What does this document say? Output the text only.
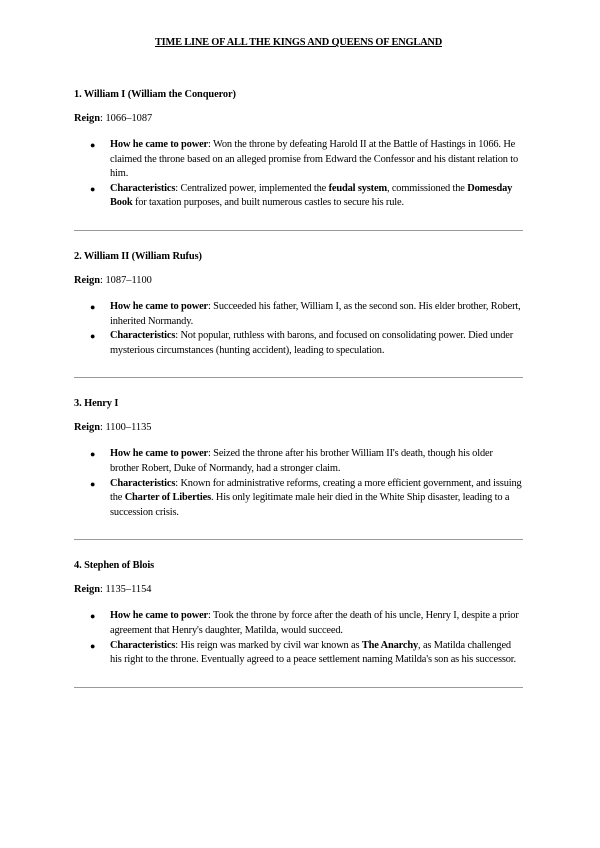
TIME LINE OF ALL THE KINGS AND QUEENS OF ENGLAND
1. William I (William the Conqueror)
Reign: 1066–1087
● How he came to power: Won the throne by defeating Harold II at the Battle of Hastings in 1066. He claimed the throne based on an alleged promise from Edward the Confessor and his distant relation to him.
● Characteristics: Centralized power, implemented the feudal system, commissioned the Domesday Book for taxation purposes, and built numerous castles to secure his rule.
2. William II (William Rufus)
Reign: 1087–1100
● How he came to power: Succeeded his father, William I, as the second son. His elder brother, Robert, inherited Normandy.
● Characteristics: Not popular, ruthless with barons, and focused on consolidating power. Died under mysterious circumstances (hunting accident), leading to speculation.
3. Henry I
Reign: 1100–1135
● How he came to power: Seized the throne after his brother William II's death, though his older brother Robert, Duke of Normandy, had a stronger claim.
● Characteristics: Known for administrative reforms, creating a more efficient government, and issuing the Charter of Liberties. His only legitimate male heir died in the White Ship disaster, leading to a succession crisis.
4. Stephen of Blois
Reign: 1135–1154
● How he came to power: Took the throne by force after the death of his uncle, Henry I, despite a prior agreement that Henry's daughter, Matilda, would succeed.
● Characteristics: His reign was marked by civil war known as The Anarchy, as Matilda challenged his right to the throne. Eventually agreed to a peace settlement naming Matilda's son as his successor.
